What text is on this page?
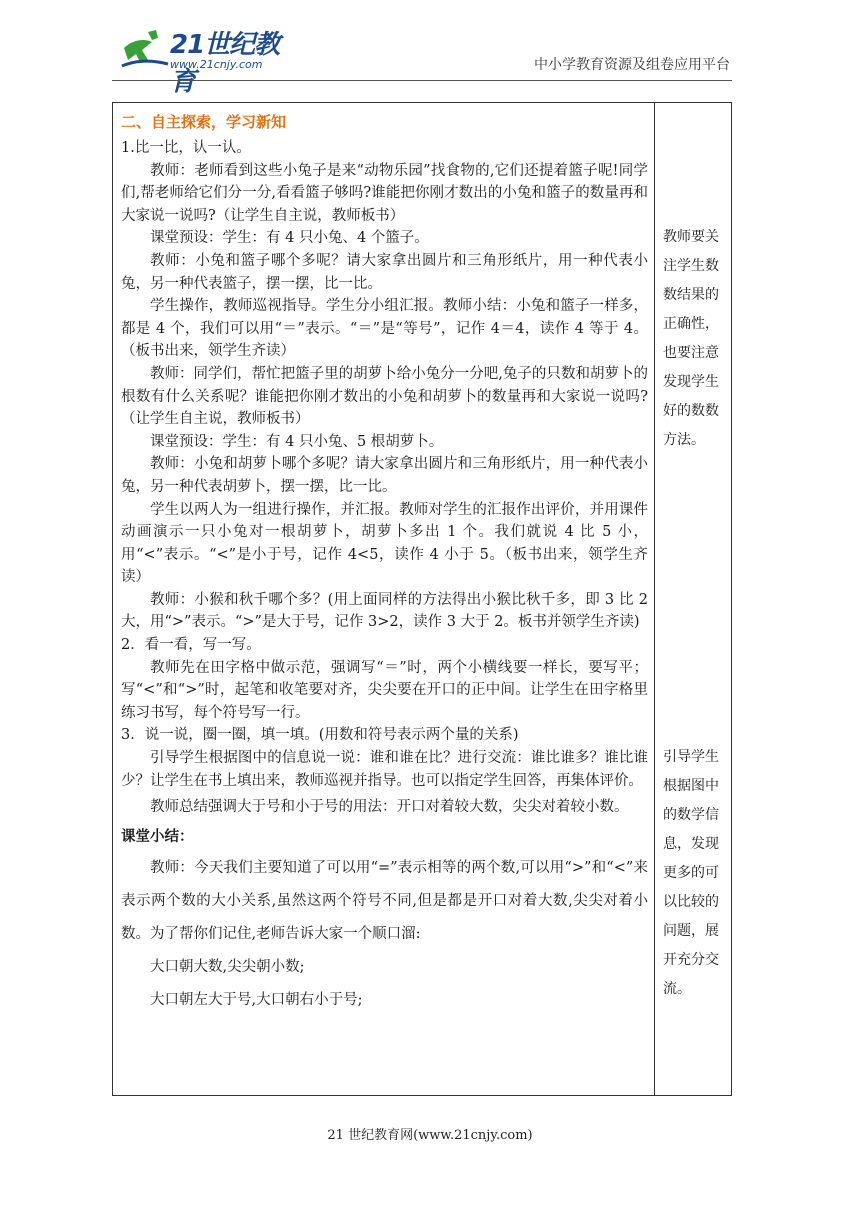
21世纪教育
www.21cnjy.com	中小学教育资源及组卷应用平台
二、自主探索，学习新知

1.比一比，认一认。

教师：老师看到这些小兔子是来“动物乐园”找食物的,它们还提着篮子呢!同学们,帮老师给它们分一分,看看篮子够吗?谁能把你刚才数出的小兔和篮子的数量再和大家说一说吗?（让学生自主说，教师板书）

课堂预设：学生：有 4 只小兔、4 个篮子。

教师：小兔和篮子哪个多呢？请大家拿出圆片和三角形纸片，用一种代表小兔，另一种代表篮子，摆一摆，比一比。

学生操作，教师巡视指导。学生分小组汇报。教师小结：小兔和篮子一样多，都是 4 个，我们可以用“＝”表示。“＝”是“等号”，记作 4＝4，读作 4 等于 4。（板书出来，领学生齐读）

教师：同学们，帮忙把篮子里的胡萝卜给小兔分一分吧,兔子的只数和胡萝卜的根数有什么关系呢？谁能把你刚才数出的小兔和胡萝卜的数量再和大家说一说吗?（让学生自主说，教师板书）

课堂预设：学生：有 4 只小兔、5 根胡萝卜。

教师：小兔和胡萝卜哪个多呢？请大家拿出圆片和三角形纸片，用一种代表小兔，另一种代表胡萝卜，摆一摆，比一比。

学生以两人为一组进行操作，并汇报。教师对学生的汇报作出评价，并用课件动画演示一只小兔对一根胡萝卜，胡萝卜多出 1 个。我们就说 4 比 5 小，用“<”表示。“<”是小于号，记作 4<5，读作 4 小于 5。（板书出来，领学生齐读）

教师：小猴和秋千哪个多？(用上面同样的方法得出小猴比秋千多，即 3 比 2 大，用“>”表示。“>”是大于号，记作 3>2，读作 3 大于 2。板书并领学生齐读)

2．看一看，写一写。

教师先在田字格中做示范，强调写“＝”时，两个小横线要一样长，要写平；写“<”和“>”时，起笔和收笔要对齐，尖尖要在开口的正中间。让学生在田字格里练习书写，每个符号写一行。

3．说一说，圈一圈，填一填。(用数和符号表示两个量的关系)

引导学生根据图中的信息说一说：谁和谁在比？进行交流：谁比谁多？谁比谁少？让学生在书上填出来，教师巡视并指导。也可以指定学生回答，再集体评价。

教师总结强调大于号和小于号的用法：开口对着较大数，尖尖对着较小数。

课堂小结：

教师：今天我们主要知道了可以用“=”表示相等的两个数,可以用“>”和“<”来表示两个数的大小关系,虽然这两个符号不同,但是都是开口对着大数,尖尖对着小数。为了帮你们记住,老师告诉大家一个顺口溜:

大口朝大数,尖尖朝小数;

大口朝左大于号,大口朝右小于号;

教师要关注学生数数结果的正确性，也要注意发现学生好的数数方法。
引导学生根据图中的数学信息，发现更多的可以比较的问题，展开充分交流。
21 世纪教育网(www.21cnjy.com)
